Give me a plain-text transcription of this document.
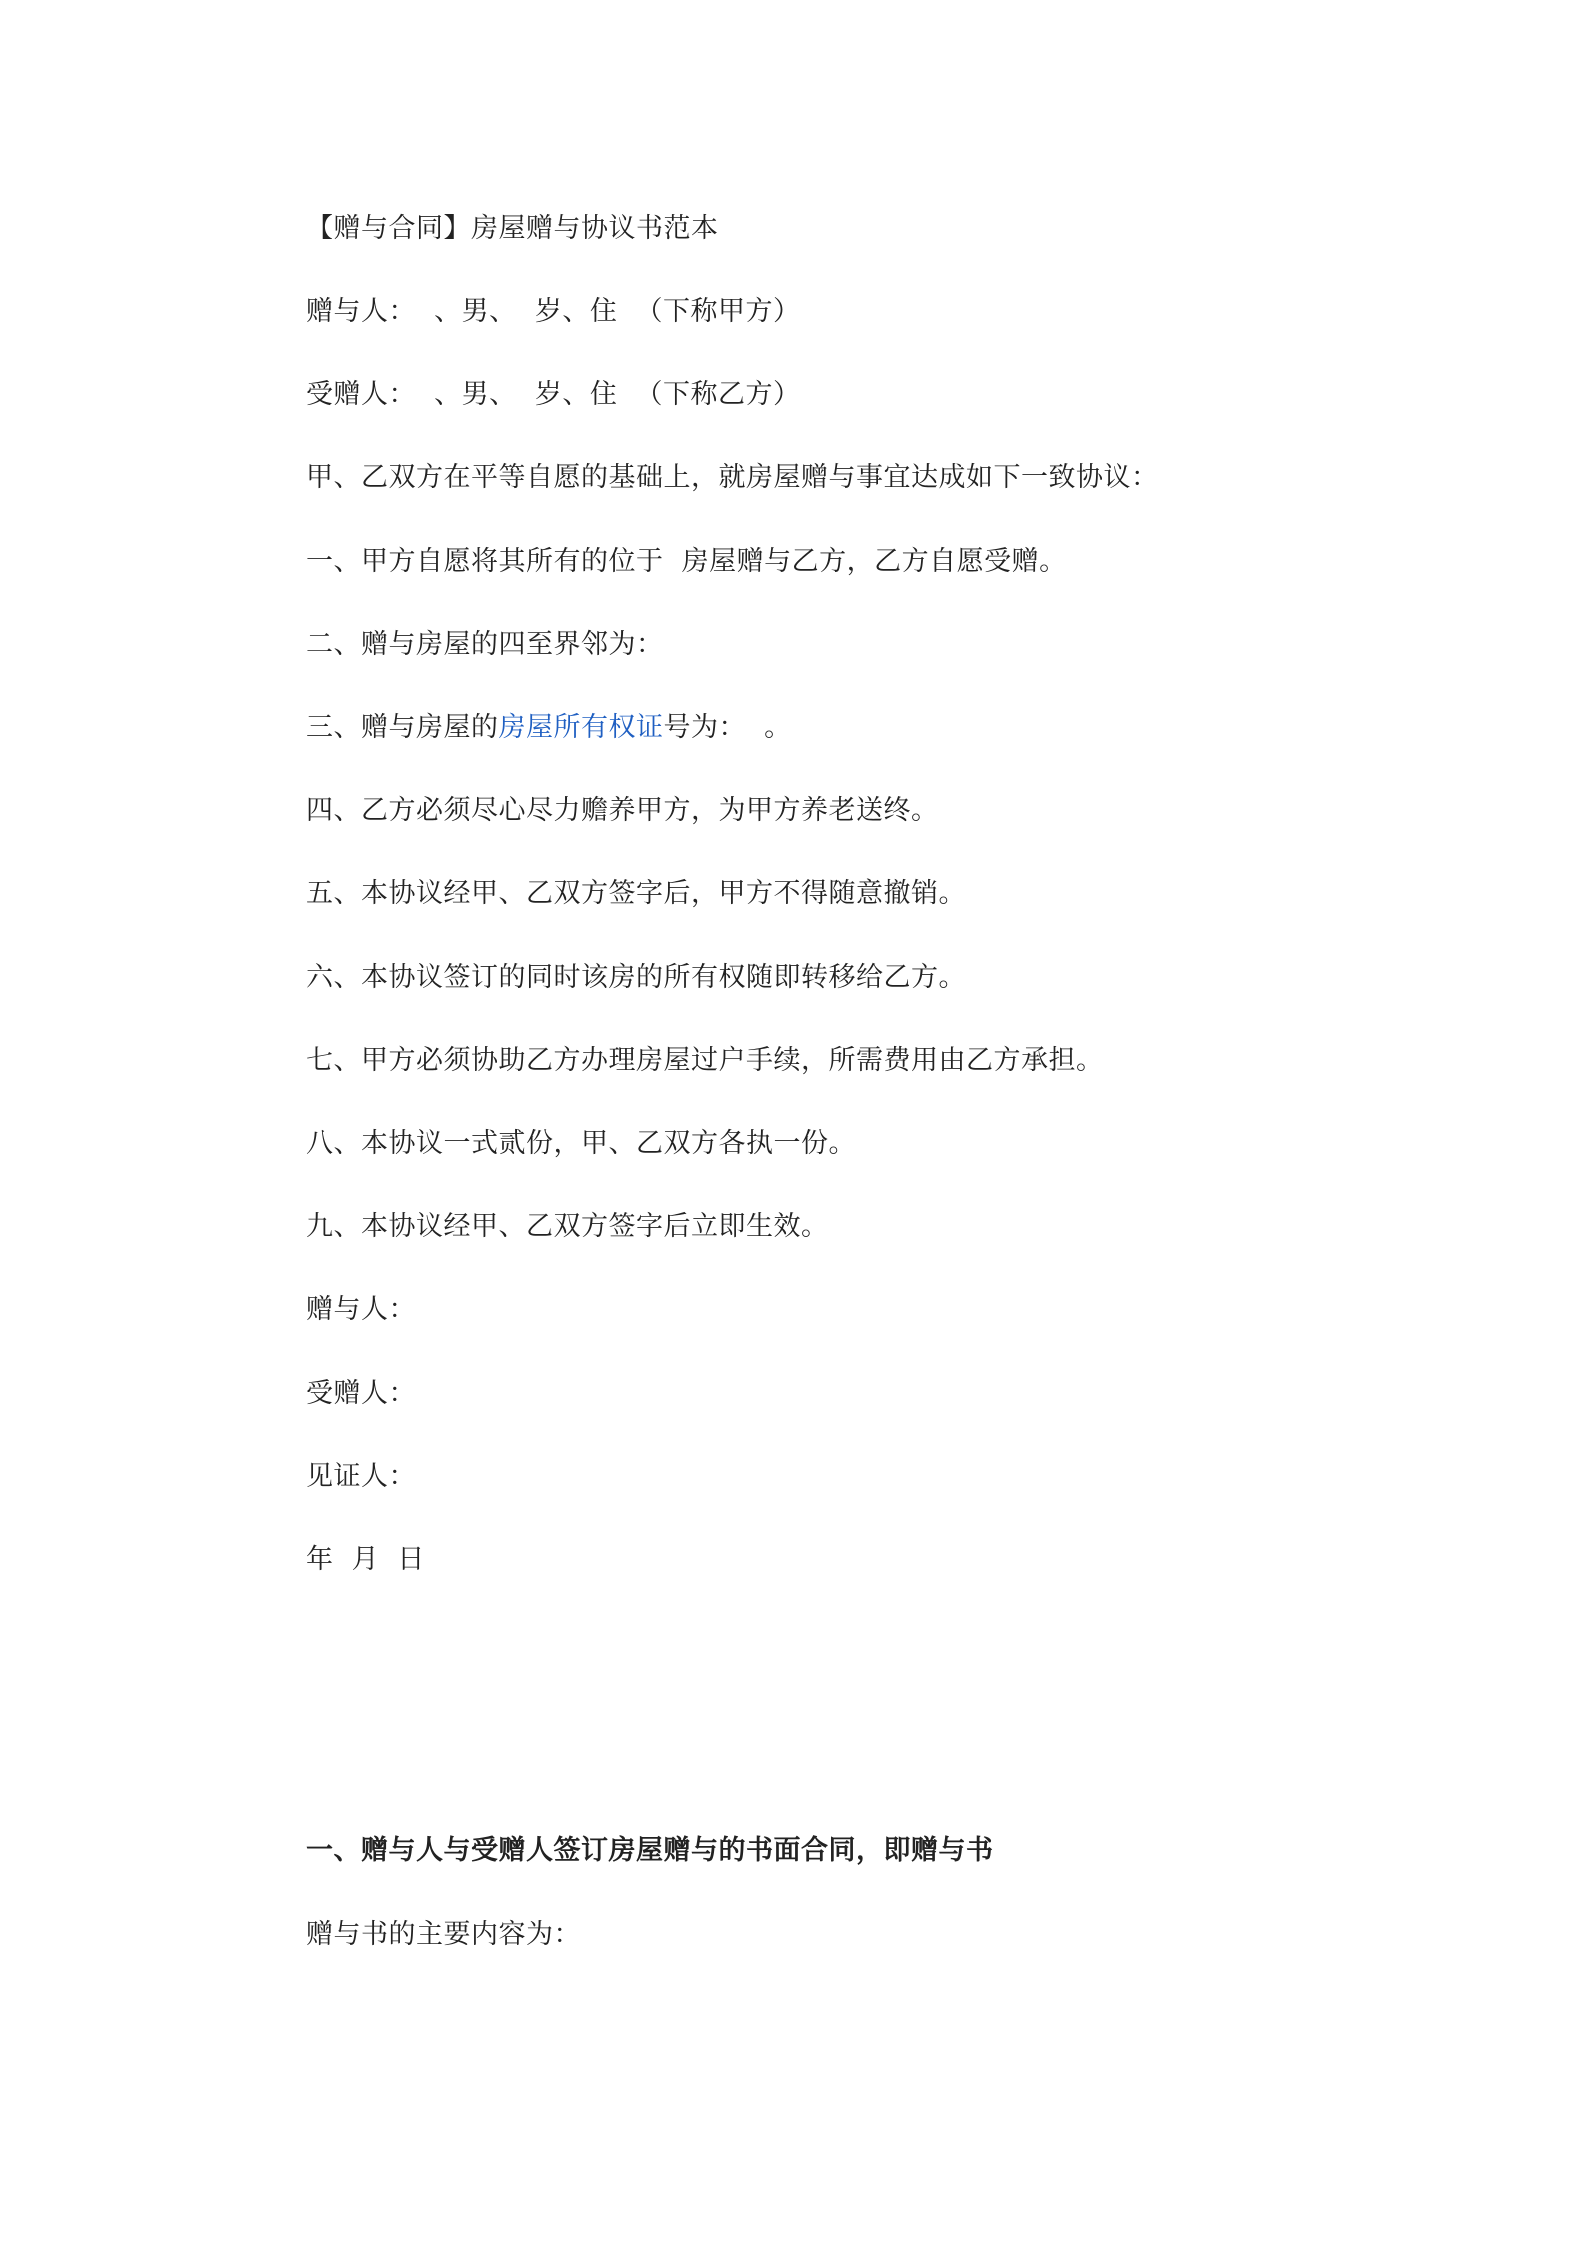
【赠与合同】房屋赠与协议书范本
赠与人：  、男、  岁、住  （下称甲方）
受赠人：  、男、  岁、住  （下称乙方）
甲、乙双方在平等自愿的基础上，就房屋赠与事宜达成如下一致协议：
一、甲方自愿将其所有的位于  房屋赠与乙方，乙方自愿受赠。
二、赠与房屋的四至界邻为：
三、赠与房屋的房屋所有权证号为：  。
四、乙方必须尽心尽力赡养甲方，为甲方养老送终。
五、本协议经甲、乙双方签字后，甲方不得随意撤销。
六、本协议签订的同时该房的所有权随即转移给乙方。
七、甲方必须协助乙方办理房屋过户手续，所需费用由乙方承担。
八、本协议一式贰份，甲、乙双方各执一份。
九、本协议经甲、乙双方签字后立即生效。
赠与人：
受赠人：
见证人：
年  月  日
一、赠与人与受赠人签订房屋赠与的书面合同，即赠与书
赠与书的主要内容为：
